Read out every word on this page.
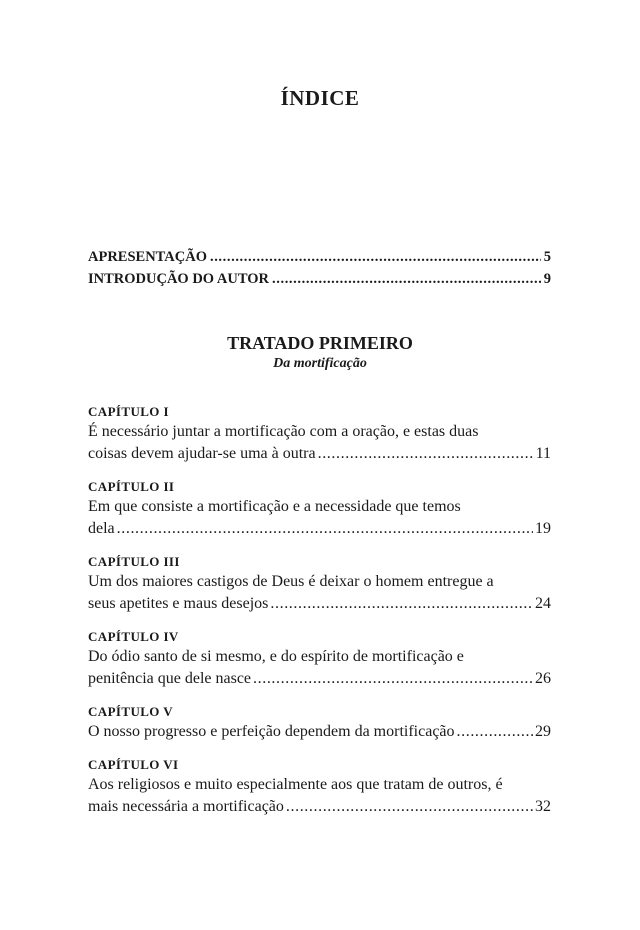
ÍNDICE
APRESENTAÇÃO .....	5
INTRODUÇÃO DO AUTOR .....	9
TRATADO PRIMEIRO
Da mortificação
CAPÍTULO I
É necessário juntar a mortificação com a oração, e estas duas
coisas devem ajudar-se uma à outra .....	11
CAPÍTULO II
Em que consiste a mortificação e a necessidade que temos
dela .....	19
CAPÍTULO III
Um dos maiores castigos de Deus é deixar o homem entregue a
seus apetites e maus desejos .....	24
CAPÍTULO IV
Do ódio santo de si mesmo, e do espírito de mortificação e
penitência que dele nasce .....	26
CAPÍTULO V
O nosso progresso e perfeição dependem da mortificação .....	29
CAPÍTULO VI
Aos religiosos e muito especialmente aos que tratam de outros, é
mais necessária a mortificação .....	32
